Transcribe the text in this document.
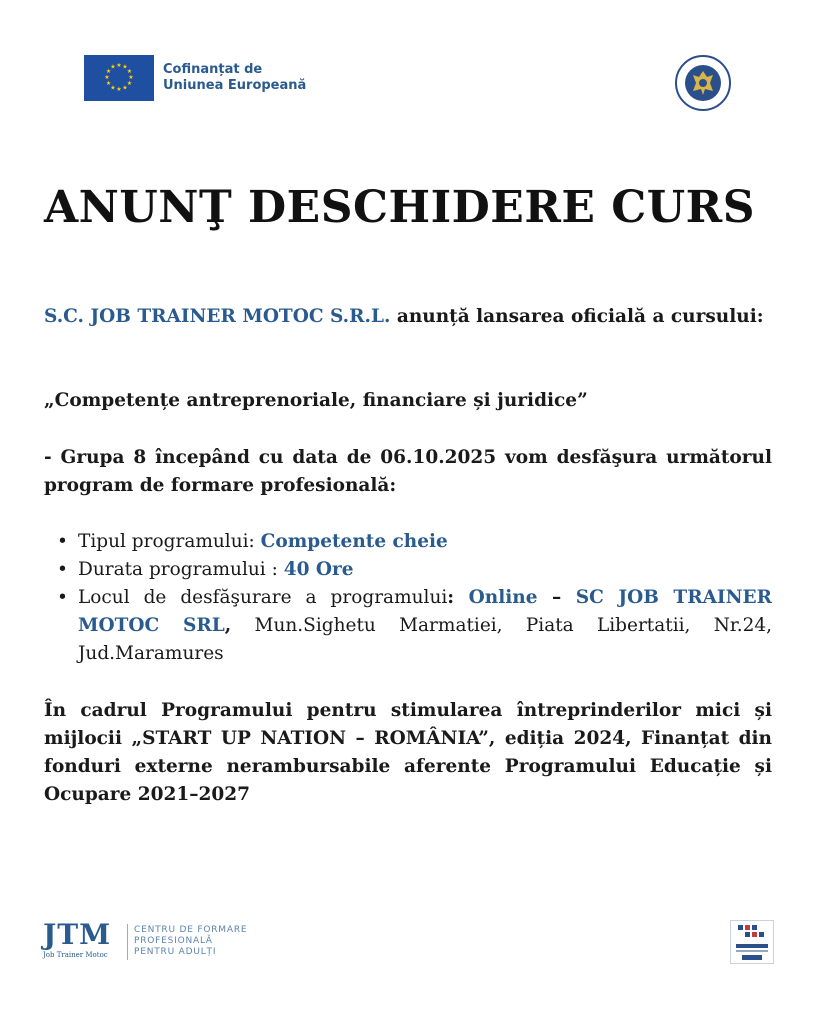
★ ★
★
★
★
★
★
★
★
★
★
★	Cofinanțat de
Uniunea Europeană
ANUNŢ DESCHIDERE CURS

S.C. JOB TRAINER MOTOC S.R.L. anunță lansarea oficială a cursului:

„Competențe antreprenoriale, financiare și juridice”

- Grupa 8 începând cu data de 06.10.2025 vom desfăşura următorul program de formare profesională:

• Tipul programului: Competente cheie
• Durata programului : 40 Ore
• Locul de desfăşurare a programului: Online – SC JOB TRAINER MOTOC SRL, Mun.Sighetu Marmatiei, Piata Libertatii, Nr.24, Jud.Maramures

În cadrul Programului pentru stimularea întreprinderilor mici și mijlocii „START UP NATION – ROMÂNIA”, ediția 2024, Finanțat din fonduri externe nerambursabile aferente Programului Educație și Ocupare 2021–2027

JTM
Job Trainer Motoc
CENTRU DE FORMARE
PROFESIONALĂ
PENTRU ADULȚI
